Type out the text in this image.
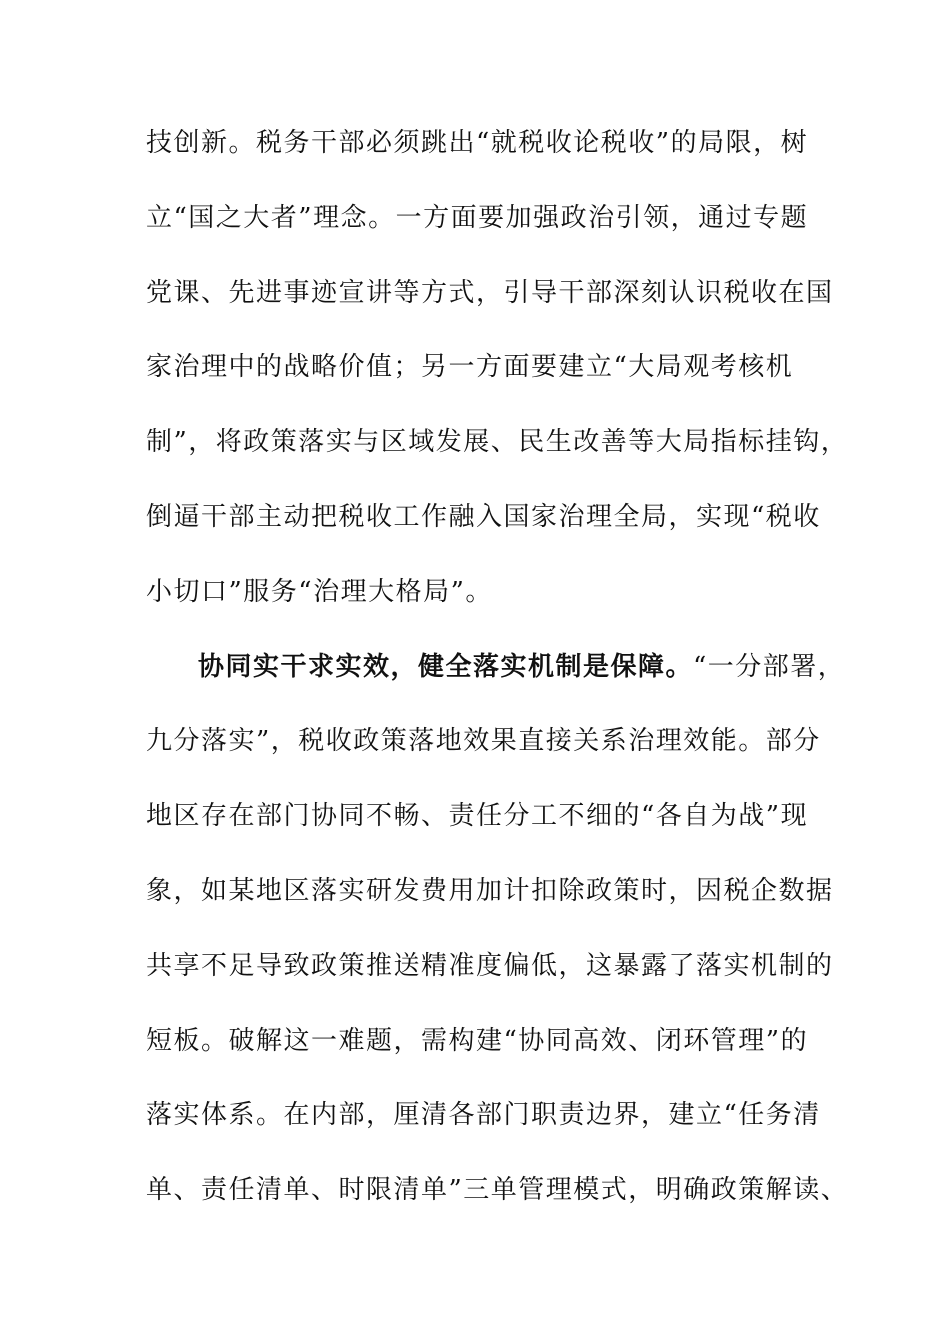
技创新。税务干部必须跳出“就税收论税收”的局限，树
立“国之大者”理念。一方面要加强政治引领，通过专题
党课、先进事迹宣讲等方式，引导干部深刻认识税收在国
家治理中的战略价值；另一方面要建立“大局观考核机
制”，将政策落实与区域发展、民生改善等大局指标挂钩，
倒逼干部主动把税收工作融入国家治理全局，实现“税收
小切口”服务“治理大格局”。
协同实干求实效，健全落实机制是保障。“一分部署，
九分落实”，税收政策落地效果直接关系治理效能。部分
地区存在部门协同不畅、责任分工不细的“各自为战”现
象，如某地区落实研发费用加计扣除政策时，因税企数据
共享不足导致政策推送精准度偏低，这暴露了落实机制的
短板。破解这一难题，需构建“协同高效、闭环管理”的
落实体系。在内部，厘清各部门职责边界，建立“任务清
单、责任清单、时限清单”三单管理模式，明确政策解读、
